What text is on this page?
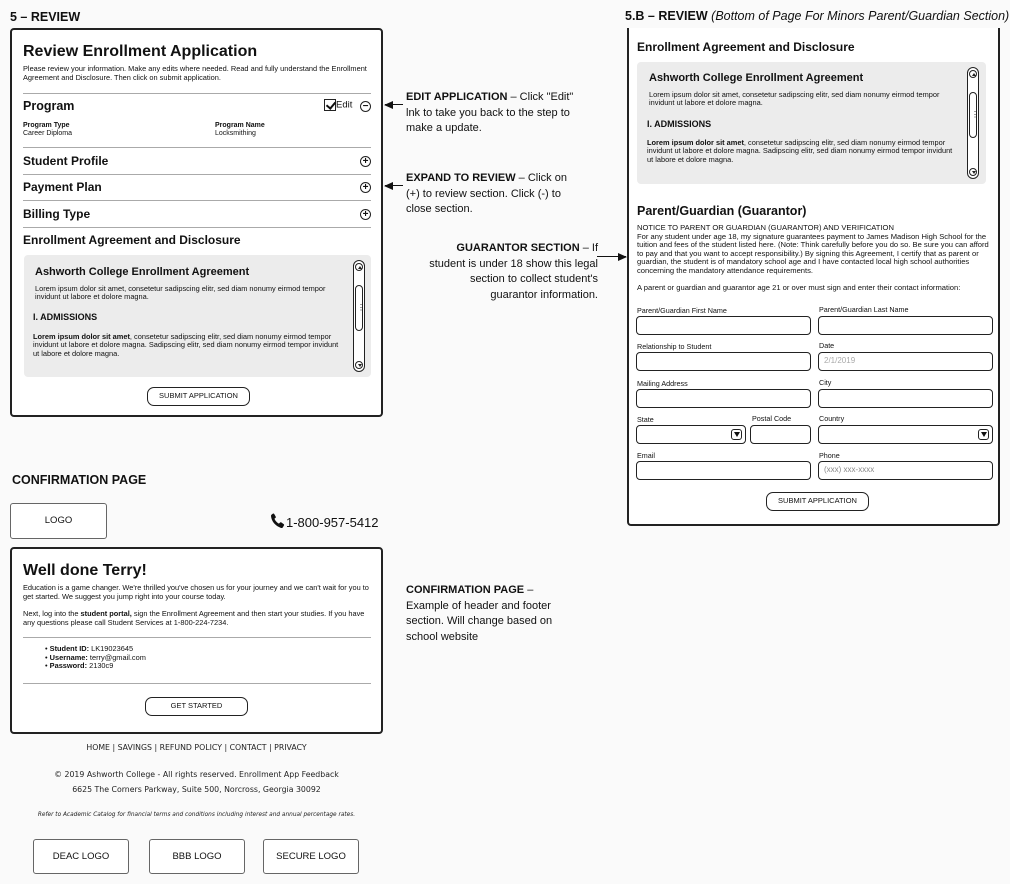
5 – REVIEW	5.B – REVIEW (Bottom of Page For Minors Parent/Guardian Section)
Review Enrollment Application
Please review your information. Make any edits where needed. Read and fully understand the Enrollment Agreement and Disclosure. Then click on submit application.
Program	Edit −
Program Type
Career Diploma
Program Name
Locksmithing
Student Profile	+
Payment Plan	+
Billing Type	+
Enrollment Agreement and Disclosure
Ashworth College Enrollment Agreement
Lorem ipsum dolor sit amet, consetetur sadipscing elitr, sed diam nonumy eirmod tempor invidunt ut labore et dolore magna.
I. ADMISSIONS
Lorem ipsum dolor sit amet, consetetur sadipscing elitr, sed diam nonumy eirmod tempor invidunt ut labore et dolore magna. Sadipscing elitr, sed diam nonumy eirmod tempor invidunt ut labore et dolore magna.
⋮
SUBMIT APPLICATION
EDIT APPLICATION – Click "Edit" lnk to take you back to the step to make a update.
EXPAND TO REVIEW – Click on (+) to review section. Click (-) to close section.
GUARANTOR SECTION – If student is under 18 show this legal section to collect student's guarantor information.
CONFIRMATION PAGE – Example of header and footer section. Will change based on school website
Enrollment Agreement and Disclosure
Ashworth College Enrollment Agreement
Lorem ipsum dolor sit amet, consetetur sadipscing elitr, sed diam nonumy eirmod tempor invidunt ut labore et dolore magna.
I. ADMISSIONS
Lorem ipsum dolor sit amet, consetetur sadipscing elitr, sed diam nonumy eirmod tempor invidunt ut labore et dolore magna. Sadipscing elitr, sed diam nonumy eirmod tempor invidunt ut labore et dolore magna.
⋮
Parent/Guardian (Guarantor)
NOTICE TO PARENT OR GUARDIAN (GUARANTOR) AND VERIFICATION
For any student under age 18, my signature guarantees payment to James Madison High School for the tuition and fees of the student listed here. (Note: Think carefully before you do so. Be sure you can afford to pay and that you want to accept responsibility.) By signing this Agreement, I certify that as parent or guardian, the student is of mandatory school age and I have contacted local high school authorities concerning the mandatory attendance requirements.
A parent or guardian and guarantor age 21 or over must sign and enter their contact information:
Parent/Guardian First Name	Parent/Guardian Last Name
Relationship to Student	Date
2/1/2019
Mailing Address	City
State	Postal Code	Country
Email	Phone
(xxx) xxx-xxxx
SUBMIT APPLICATION
CONFIRMATION PAGE
LOGO	1-800-957-5412
Well done Terry!
Education is a game changer. We're thrilled you've chosen us for your journey and we can't wait for you to get started. We suggest you jump right into your course today.
Next, log into the student portal, sign the Enrollment Agreement and then start your studies. If you have any questions please call Student Services at 1-800-224-7234.
• Student ID: LK19023645
• Username: terry@gmail.com
• Password: 2130c9
GET STARTED
HOME | SAVINGS | REFUND POLICY | CONTACT | PRIVACY
© 2019 Ashworth College - All rights reserved. Enrollment App Feedback
6625 The Corners Parkway, Suite 500, Norcross, Georgia 30092
Refer to Academic Catalog for financial terms and conditions including interest and annual percentage rates.
DEAC LOGO	BBB LOGO	SECURE LOGO
